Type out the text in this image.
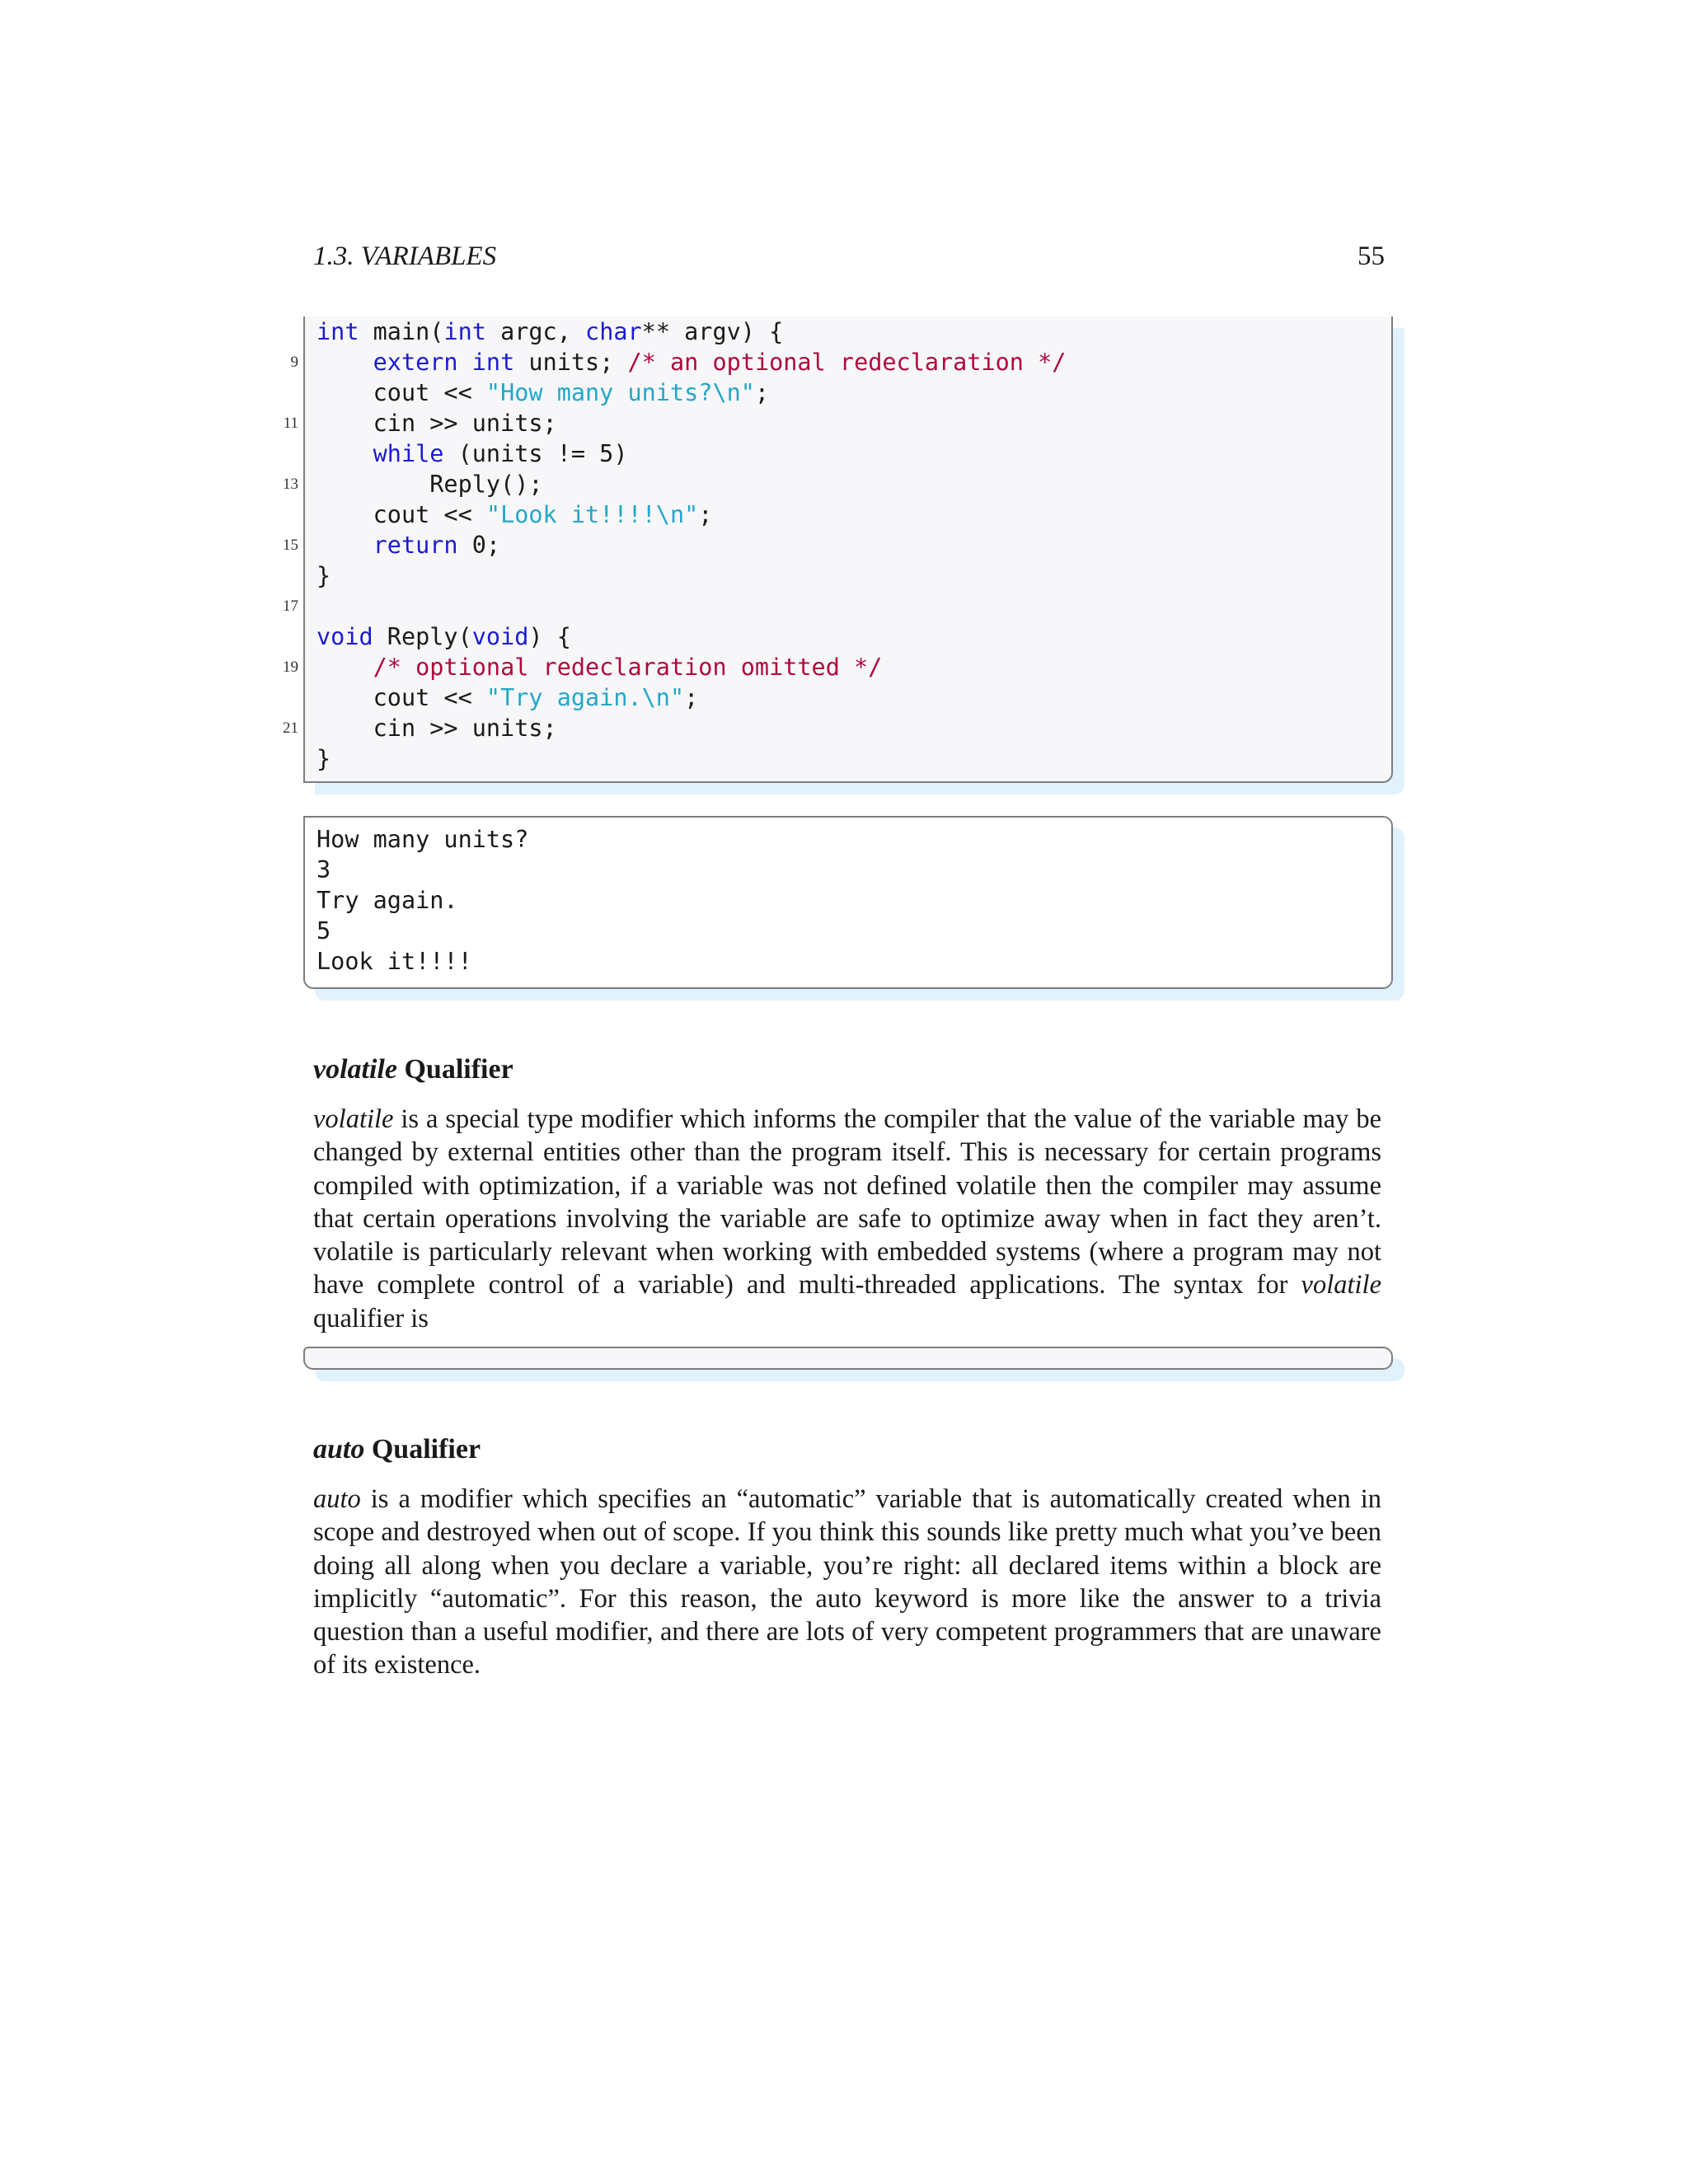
1.3. VARIABLES	55
int main(int argc, char** argv) {
9	extern int units; /* an optional redeclaration */
cout << "How many units?\n";
11 cin >> units;
while (units != 5)
13 Reply();
cout << "Look it!!!!\n";
15	return 0;
}
17
void Reply(void) {
19	/* optional redeclaration omitted */
cout << "Try again.\n";
21 cin >> units;
}
How many units?
3
Try again.
5
Look it!!!!
volatile Qualifier

volatile is a special type modifier which informs the compiler that the value of the variable may be changed by external entities other than the program itself. This is necessary for certain programs compiled with optimization, if a variable was not defined volatile then the compiler may assume that certain operations involving the variable are safe to optimize away when in fact they aren’t. volatile is particularly relevant when working with embedded systems (where a program may not have complete control of a variable) and multi-threaded applications. The syntax for volatile qualifier is

auto Qualifier

auto is a modifier which specifies an “automatic” variable that is automatically created when in scope and destroyed when out of scope. If you think this sounds like pretty much what you’ve been doing all along when you declare a variable, you’re right: all declared items within a block are implicitly “automatic”. For this reason, the auto keyword is more like the answer to a trivia question than a useful modifier, and there are lots of very competent programmers that are unaware of its existence.
